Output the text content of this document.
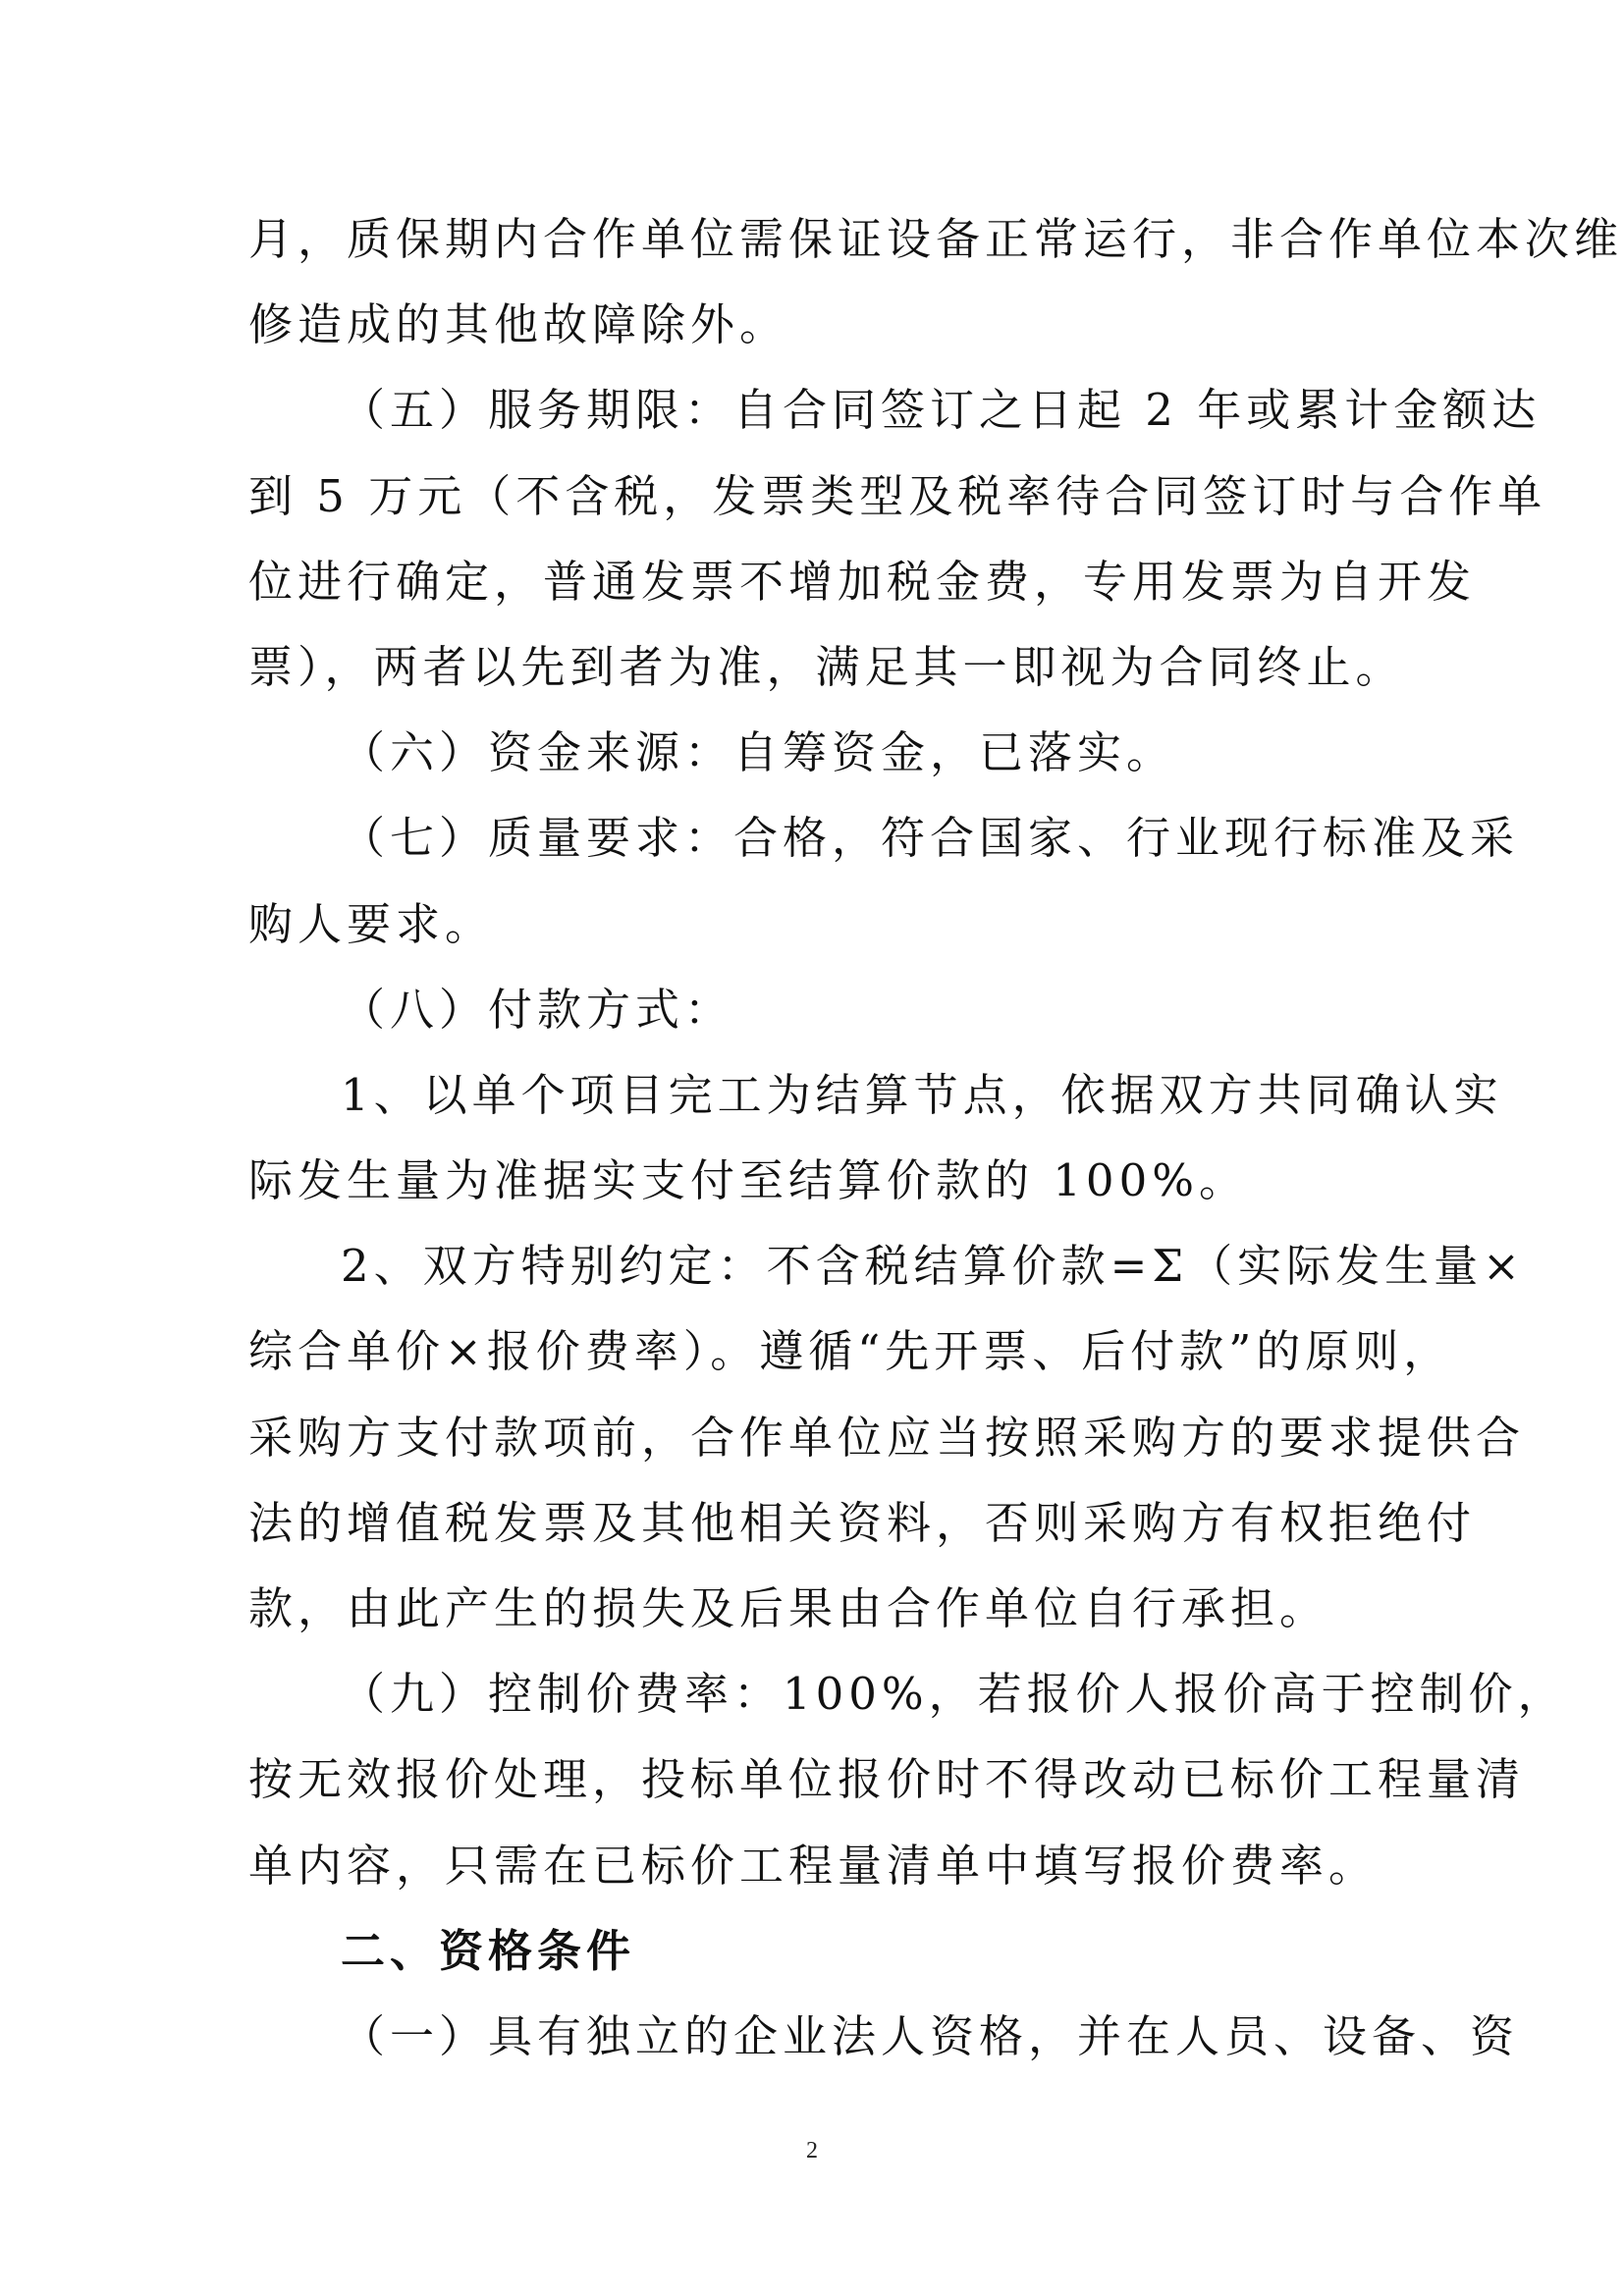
月，质保期内合作单位需保证设备正常运行，非合作单位本次维
修造成的其他故障除外。
（五）服务期限：自合同签订之日起 2 年或累计金额达
到 5 万元（不含税，发票类型及税率待合同签订时与合作单
位进行确定，普通发票不增加税金费，专用发票为自开发
票），两者以先到者为准，满足其一即视为合同终止。
（六）资金来源：自筹资金，已落实。
（七）质量要求：合格，符合国家、行业现行标准及采
购人要求。
（八）付款方式：
1、以单个项目完工为结算节点，依据双方共同确认实
际发生量为准据实支付至结算价款的 100%。
2、双方特别约定：不含税结算价款=Σ（实际发生量×
综合单价×报价费率）。遵循“先开票、后付款”的原则，
采购方支付款项前，合作单位应当按照采购方的要求提供合
法的增值税发票及其他相关资料，否则采购方有权拒绝付
款，由此产生的损失及后果由合作单位自行承担。
（九）控制价费率：100%，若报价人报价高于控制价，
按无效报价处理，投标单位报价时不得改动已标价工程量清
单内容，只需在已标价工程量清单中填写报价费率。
二、资格条件
（一）具有独立的企业法人资格，并在人员、设备、资
2
